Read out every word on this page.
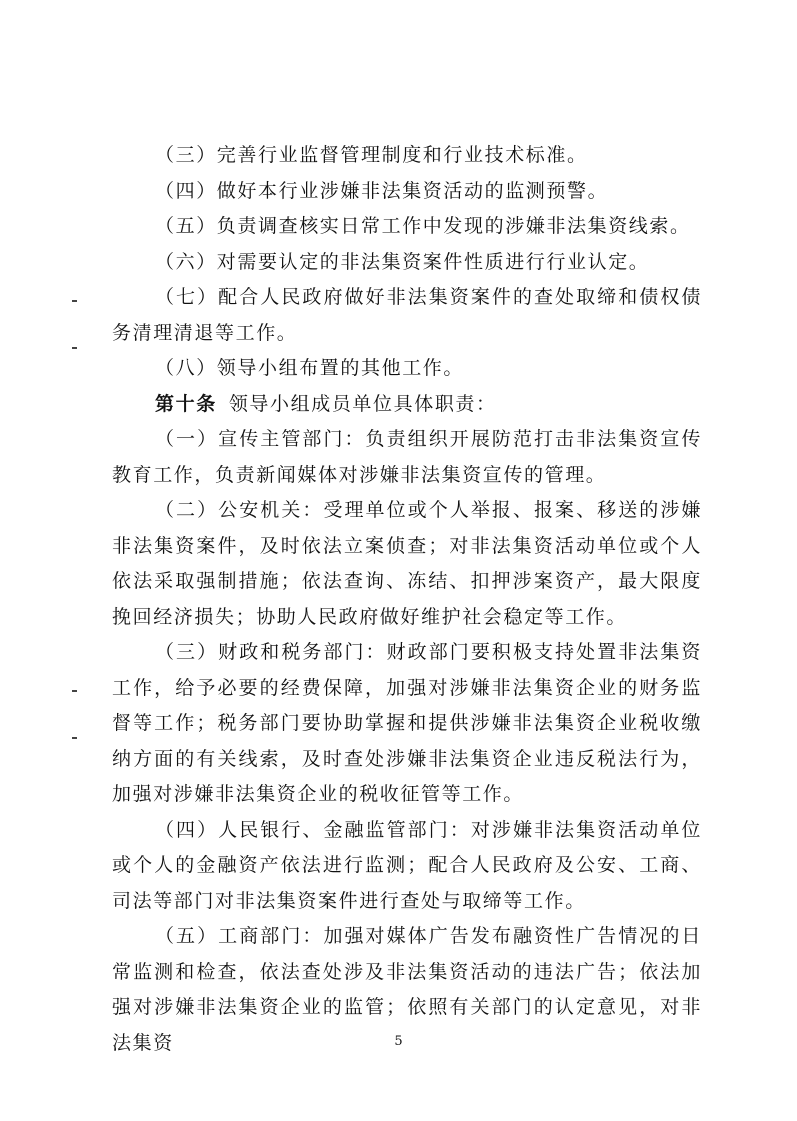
（三）完善行业监督管理制度和行业技术标准。

（四）做好本行业涉嫌非法集资活动的监测预警。

（五）负责调查核实日常工作中发现的涉嫌非法集资线索。

（六）对需要认定的非法集资案件性质进行行业认定。

（七）配合人民政府做好非法集资案件的查处取缔和债权债务清理清退等工作。

（八）领导小组布置的其他工作。

第十条 领导小组成员单位具体职责：

（一）宣传主管部门：负责组织开展防范打击非法集资宣传教育工作，负责新闻媒体对涉嫌非法集资宣传的管理。

（二）公安机关：受理单位或个人举报、报案、移送的涉嫌非法集资案件，及时依法立案侦查；对非法集资活动单位或个人依法采取强制措施；依法查询、冻结、扣押涉案资产，最大限度挽回经济损失；协助人民政府做好维护社会稳定等工作。

（三）财政和税务部门：财政部门要积极支持处置非法集资工作，给予必要的经费保障，加强对涉嫌非法集资企业的财务监督等工作；税务部门要协助掌握和提供涉嫌非法集资企业税收缴纳方面的有关线索，及时查处涉嫌非法集资企业违反税法行为，加强对涉嫌非法集资企业的税收征管等工作。

（四）人民银行、金融监管部门：对涉嫌非法集资活动单位或个人的金融资产依法进行监测；配合人民政府及公安、工商、司法等部门对非法集资案件进行查处与取缔等工作。

（五）工商部门：加强对媒体广告发布融资性广告情况的日常监测和检查，依法查处涉及非法集资活动的违法广告；依法加强对涉嫌非法集资企业的监管；依照有关部门的认定意见，对非法集资	5
